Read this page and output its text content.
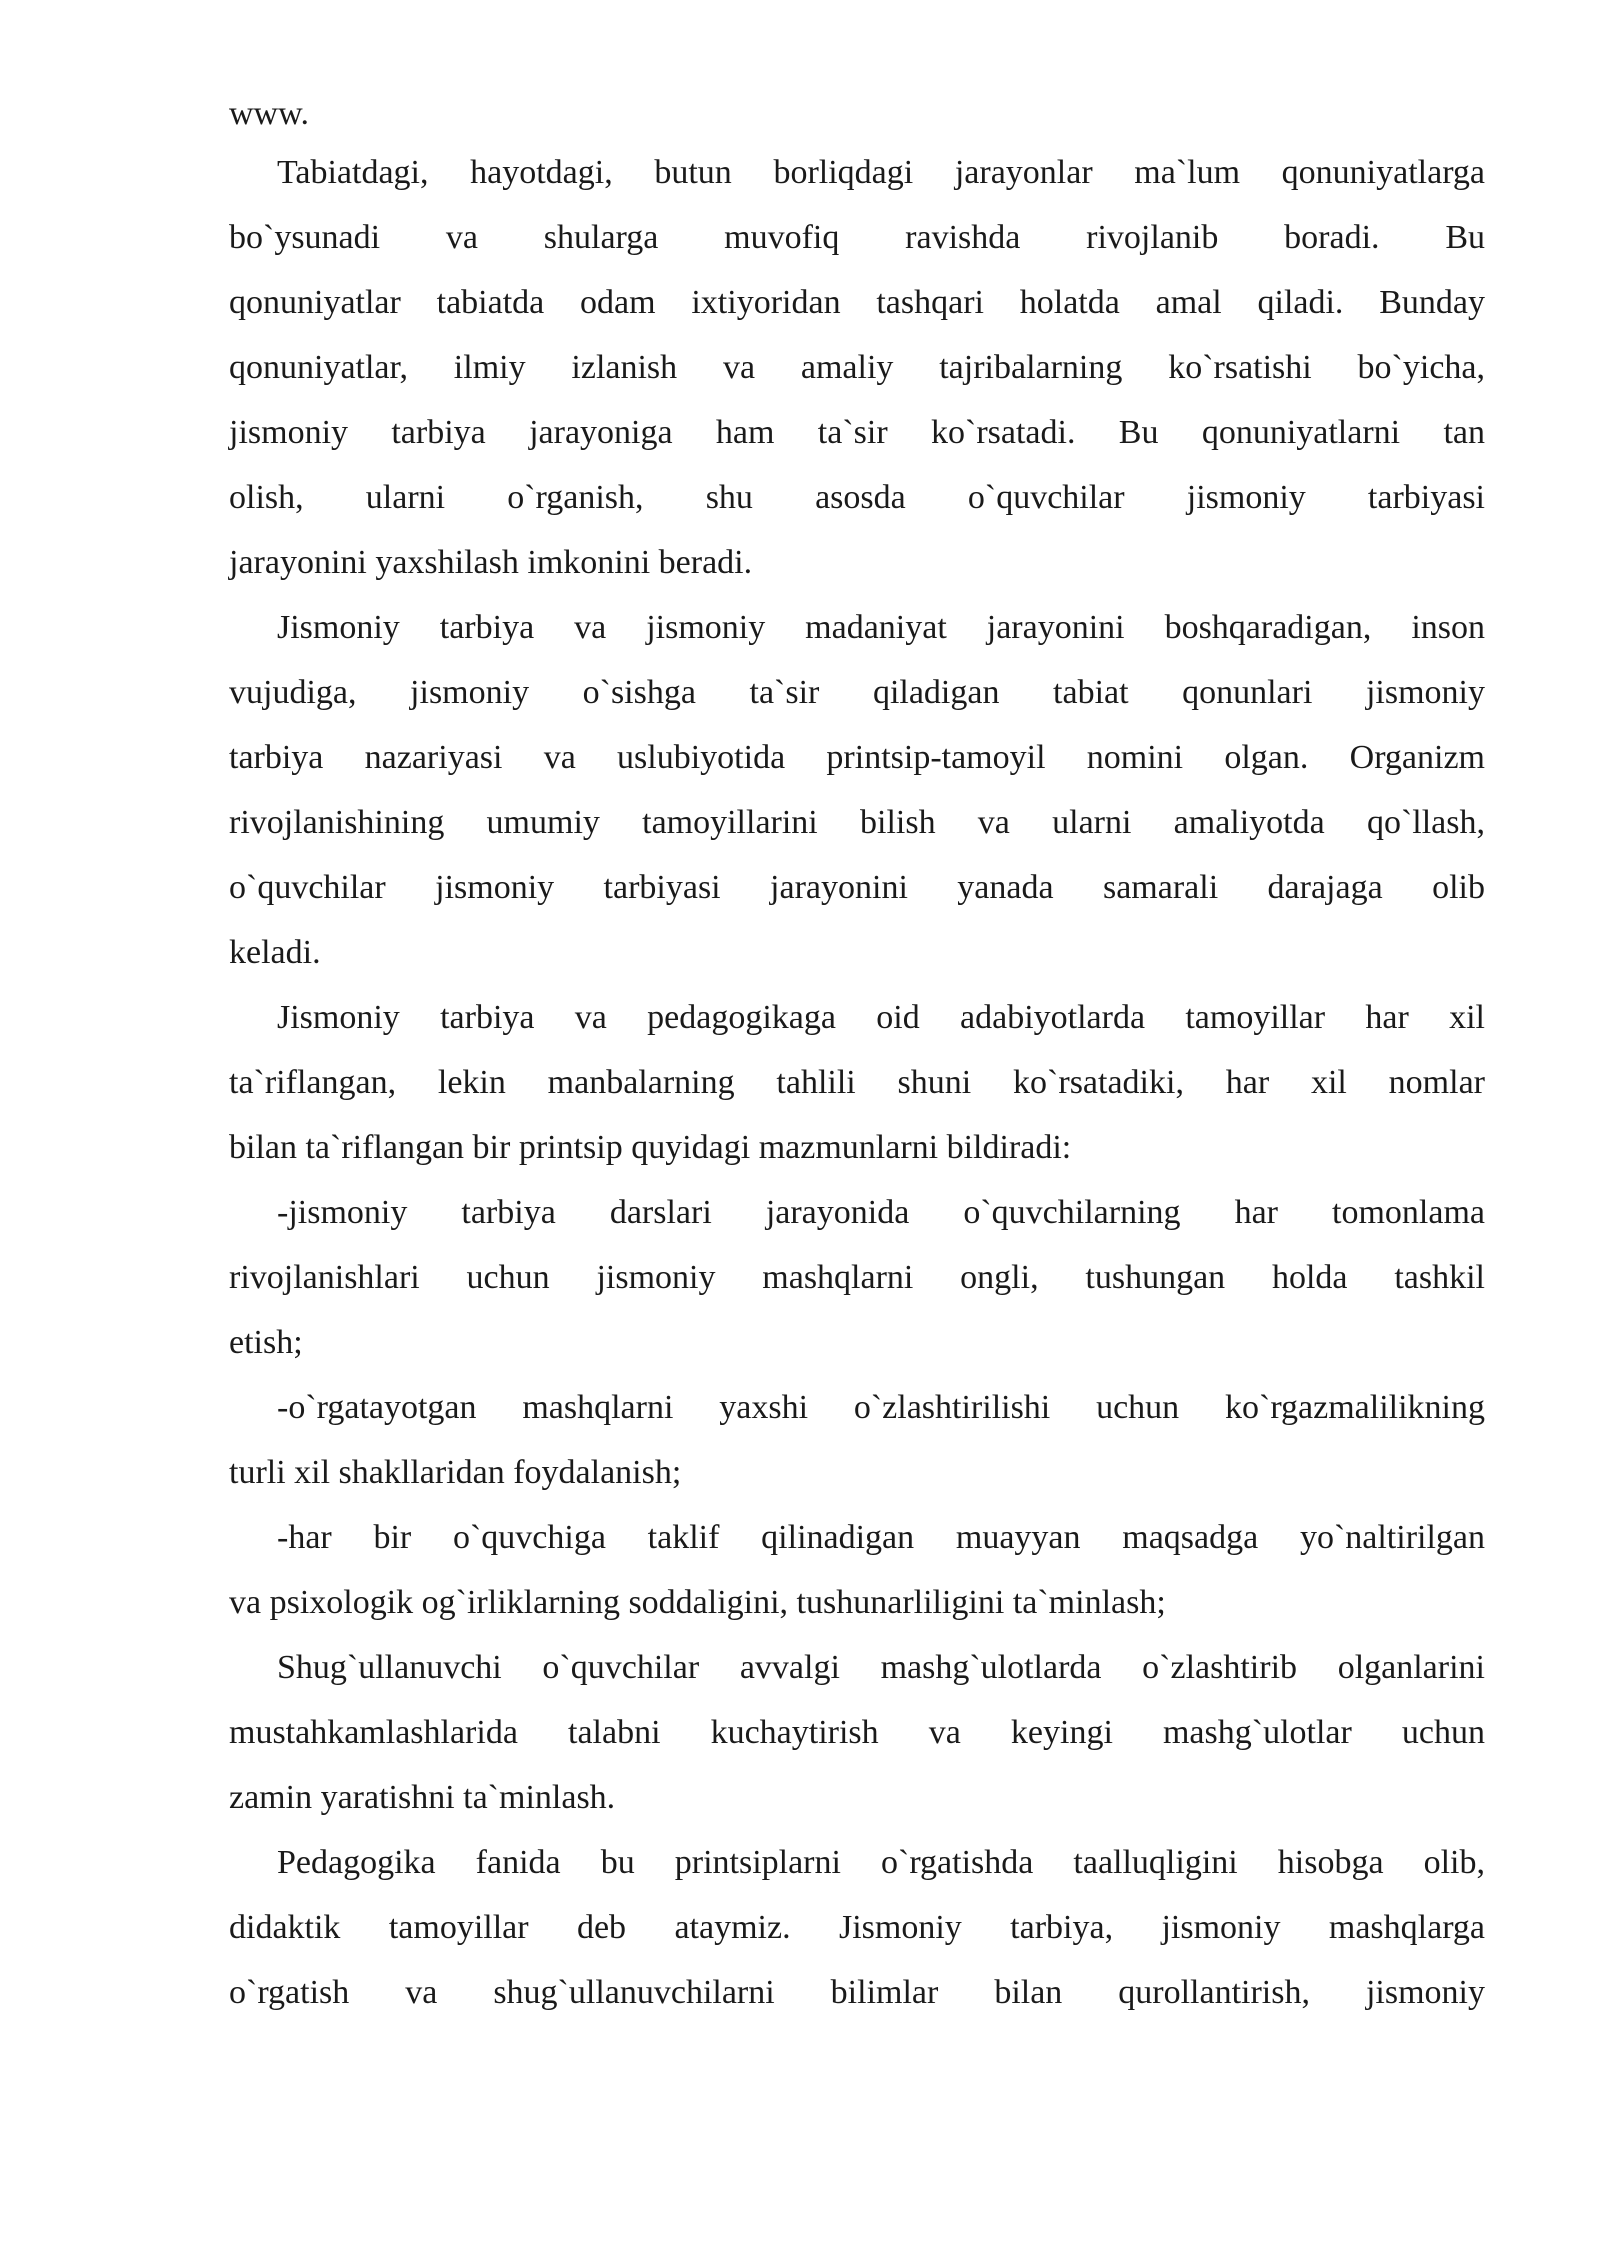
www.
Tabiatdagi, hayotdagi, butun borliqdagi jarayonlar ma`lum qonuniyatlarga
bo`ysunadi va shularga muvofiq ravishda rivojlanib boradi. Bu
qonuniyatlar tabiatda odam ixtiyoridan tashqari holatda amal qiladi. Bunday
qonuniyatlar, ilmiy izlanish va amaliy tajribalarning ko`rsatishi bo`yicha,
jismoniy tarbiya jarayoniga ham ta`sir ko`rsatadi. Bu qonuniyatlarni tan
olish, ularni o`rganish, shu asosda o`quvchilar jismoniy tarbiyasi
jarayonini yaxshilash imkonini beradi.
Jismoniy tarbiya va jismoniy madaniyat jarayonini boshqaradigan, inson
vujudiga, jismoniy o`sishga ta`sir qiladigan tabiat qonunlari jismoniy
tarbiya nazariyasi va uslubiyotida printsip-tamoyil nomini olgan. Organizm
rivojlanishining umumiy tamoyillarini bilish va ularni amaliyotda qo`llash,
o`quvchilar jismoniy tarbiyasi jarayonini yanada samarali darajaga olib
keladi.
Jismoniy tarbiya va pedagogikaga oid adabiyotlarda tamoyillar har xil
ta`riflangan, lekin manbalarning tahlili shuni ko`rsatadiki, har xil nomlar
bilan ta`riflangan bir printsip quyidagi mazmunlarni bildiradi:
-jismoniy tarbiya darslari jarayonida o`quvchilarning har tomonlama
rivojlanishlari uchun jismoniy mashqlarni ongli, tushungan holda tashkil
etish;
-o`rgatayotgan mashqlarni yaxshi o`zlashtirilishi uchun ko`rgazmalilikning
turli xil shakllaridan foydalanish;
-har bir o`quvchiga taklif qilinadigan muayyan maqsadga yo`naltirilgan
va psixologik og`irliklarning soddaligini, tushunarliligini ta`minlash;
Shug`ullanuvchi o`quvchilar avvalgi mashg`ulotlarda o`zlashtirib olganlarini
mustahkamlashlarida talabni kuchaytirish va keyingi mashg`ulotlar uchun
zamin yaratishni ta`minlash.
Pedagogika fanida bu printsiplarni o`rgatishda taalluqligini hisobga olib,
didaktik tamoyillar deb ataymiz. Jismoniy tarbiya, jismoniy mashqlarga
o`rgatish va shug`ullanuvchilarni bilimlar bilan qurollantirish, jismoniy
